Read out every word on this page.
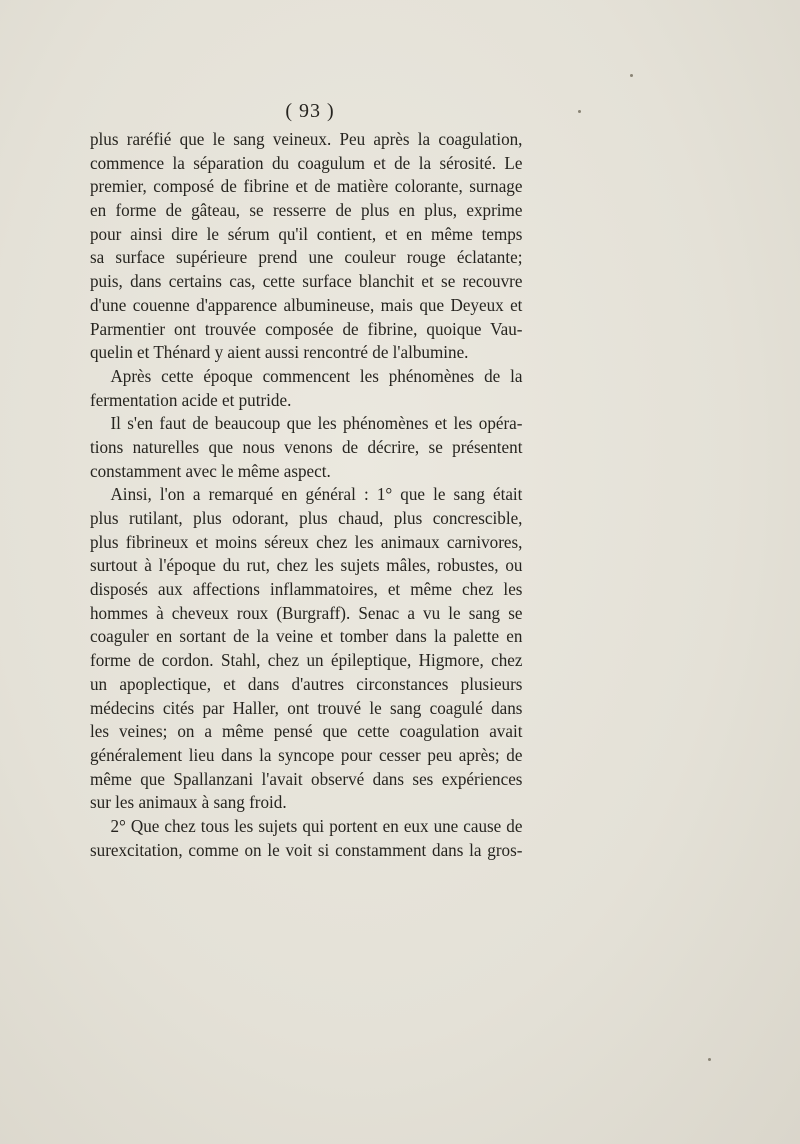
( 93 )
plus raréfié que le sang veineux. Peu après la coagulation,
commence la séparation du coagulum et de la sérosité. Le
premier, composé de fibrine et de matière colorante, surnage
en forme de gâteau, se resserre de plus en plus, exprime
pour ainsi dire le sérum qu'il contient, et en même temps
sa surface supérieure prend une couleur rouge éclatante;
puis, dans certains cas, cette surface blanchit et se recouvre
d'une couenne d'apparence albumineuse, mais que Deyeux et
Parmentier ont trouvée composée de fibrine, quoique Vau-
quelin et Thénard y aient aussi rencontré de l'albumine.
Après cette époque commencent les phénomènes de la
fermentation acide et putride.
Il s'en faut de beaucoup que les phénomènes et les opéra-
tions naturelles que nous venons de décrire, se présentent
constamment avec le même aspect.
Ainsi, l'on a remarqué en général : 1° que le sang était
plus rutilant, plus odorant, plus chaud, plus concrescible,
plus fibrineux et moins séreux chez les animaux carnivores,
surtout à l'époque du rut, chez les sujets mâles, robustes, ou
disposés aux affections inflammatoires, et même chez les
hommes à cheveux roux (Burgraff). Senac a vu le sang se
coaguler en sortant de la veine et tomber dans la palette en
forme de cordon. Stahl, chez un épileptique, Higmore, chez
un apoplectique, et dans d'autres circonstances plusieurs
médecins cités par Haller, ont trouvé le sang coagulé dans
les veines; on a même pensé que cette coagulation avait
généralement lieu dans la syncope pour cesser peu après; de
même que Spallanzani l'avait observé dans ses expériences
sur les animaux à sang froid.
2° Que chez tous les sujets qui portent en eux une cause de
surexcitation, comme on le voit si constamment dans la gros-
